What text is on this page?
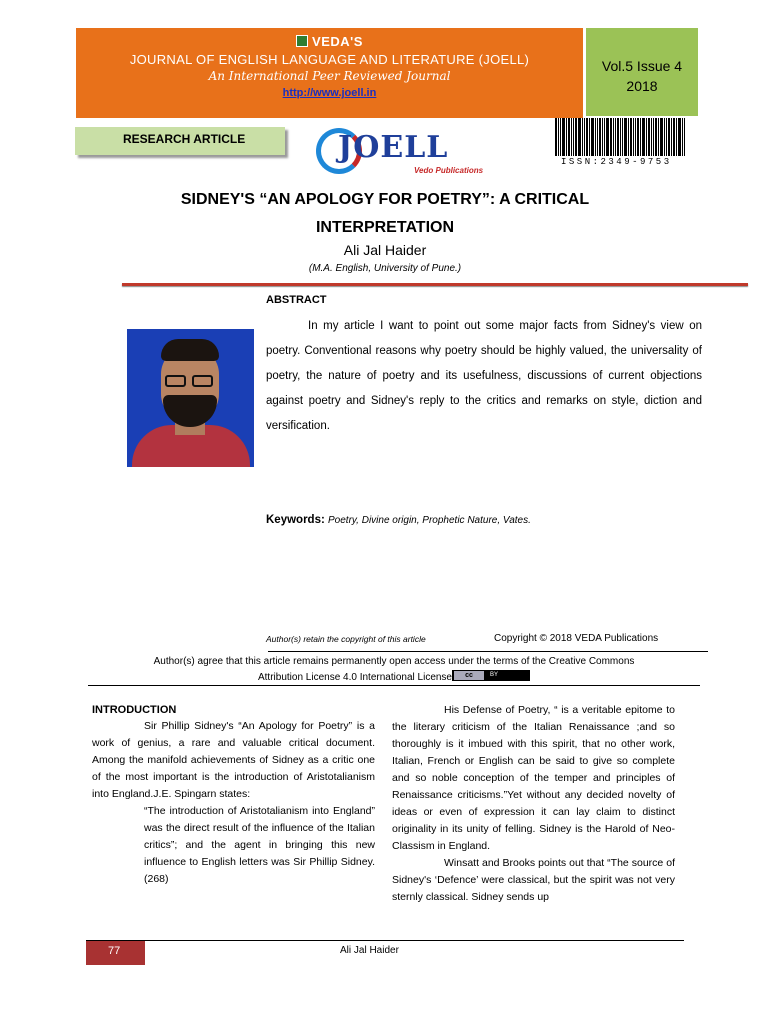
VEDA'S
JOURNAL OF ENGLISH LANGUAGE AND LITERATURE (JOELL)
An International Peer Reviewed Journal
http://www.joell.in
Vol.5 Issue 4
2018
RESEARCH ARTICLE	JOELL
Vedo Publications
ISSN:2349-9753
SIDNEY'S “AN APOLOGY FOR POETRY”: A CRITICAL
INTERPRETATION
Ali Jal Haider
(M.A. English, University of Pune.)
ABSTRACT
In my article I want to point out some major facts from Sidney's view on poetry. Conventional reasons why poetry should be highly valued, the universality of poetry, the nature of poetry and its usefulness, discussions of current objections against poetry and Sidney's reply to the critics and remarks on style, diction and versification.
Keywords: Poetry, Divine origin, Prophetic Nature, Vates.
Author(s) retain the copyright of this article	Copyright © 2018 VEDA Publications
Author(s) agree that this article remains permanently open access under the terms of the Creative Commons
Attribution License 4.0 International License	cc	BY
INTRODUCTION

Sir Phillip Sidney's “An Apology for Poetry” is a work of genius, a rare and valuable critical document. Among the manifold achievements of Sidney as a critic one of the most important is the introduction of Aristotalianism into England.J.E. Spingarn states:

“The introduction of Aristotalianism into England” was the direct result of the influence of the Italian critics”; and the agent in bringing this new influence to English letters was Sir Phillip Sidney.(268)

His Defense of Poetry, “ is a veritable epitome to the literary criticism of the Italian Renaissance ;and so thoroughly is it imbued with this spirit, that no other work, Italian, French or English can be said to give so complete and so noble conception of the temper and principles of Renaissance criticisms.”Yet without any decided novelty of ideas or even of expression it can lay claim to distinct originality in its unity of felling. Sidney is the Harold of Neo-Classism in England.

Winsatt and Brooks points out that “The source of Sidney's ‘Defence’ were classical, but the spirit was not very sternly classical. Sidney sends up

77	Ali Jal Haider
